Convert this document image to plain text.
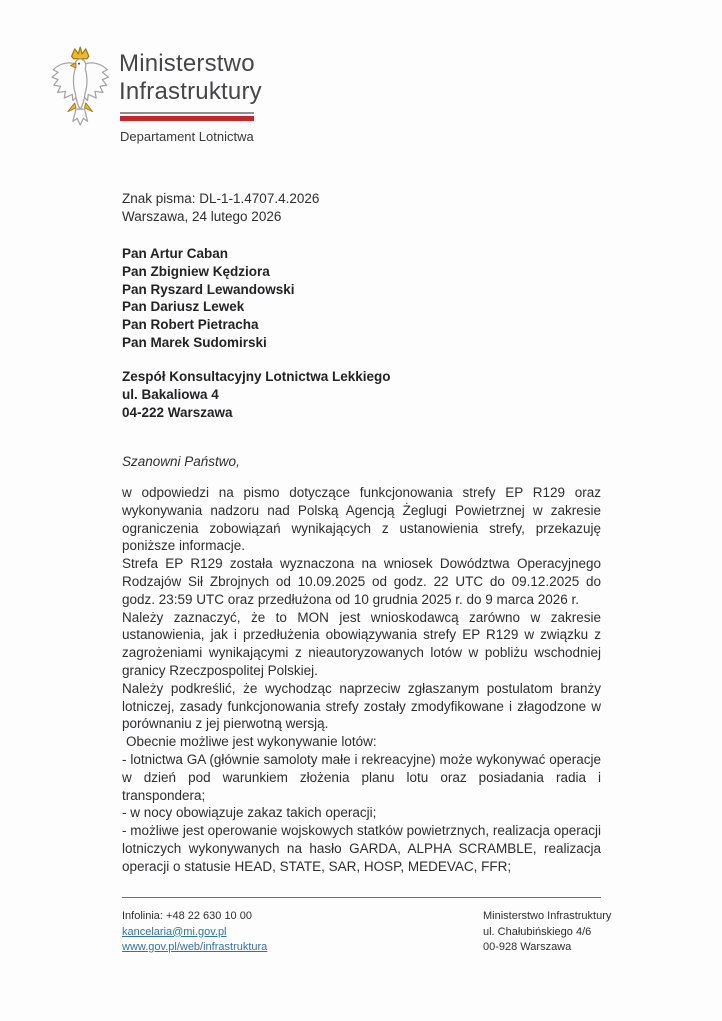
Ministerstwo
Infrastruktury
Departament Lotnictwa
Znak pisma: DL-1-1.4707.4.2026
Warszawa, 24 lutego 2026
Pan Artur Caban
Pan Zbigniew Kędziora
Pan Ryszard Lewandowski
Pan Dariusz Lewek
Pan Robert Pietracha
Pan Marek Sudomirski
Zespół Konsultacyjny Lotnictwa Lekkiego
ul. Bakaliowa 4
04-222 Warszawa
Szanowni Państwo,

w odpowiedzi na pismo dotyczące funkcjonowania strefy EP R129 oraz wykonywania nadzoru nad Polską Agencją Żeglugi Powietrznej w zakresie ograniczenia zobowiązań wynikających z ustanowienia strefy, przekazuję poniższe informacje.

Strefa EP R129 została wyznaczona na wniosek Dowództwa Operacyjnego Rodzajów Sił Zbrojnych od 10.09.2025 od godz. 22 UTC do 09.12.2025 do godz. 23:59 UTC oraz przedłużona od 10 grudnia 2025 r. do 9 marca 2026 r.

Należy zaznaczyć, że to MON jest wnioskodawcą zarówno w zakresie ustanowienia, jak i przedłużenia obowiązywania strefy EP R129 w związku z zagrożeniami wynikającymi z nieautoryzowanych lotów w pobliżu wschodniej granicy Rzeczpospolitej Polskiej.

Należy podkreślić, że wychodząc naprzeciw zgłaszanym postulatom branży lotniczej, zasady funkcjonowania strefy zostały zmodyfikowane i złagodzone w porównaniu z jej pierwotną wersją.

Obecnie możliwe jest wykonywanie lotów:

- lotnictwa GA (głównie samoloty małe i rekreacyjne) może wykonywać operacje w dzień pod warunkiem złożenia planu lotu oraz posiadania radia i transpondera;

- w nocy obowiązuje zakaz takich operacji;

- możliwe jest operowanie wojskowych statków powietrznych, realizacja operacji lotniczych wykonywanych na hasło GARDA, ALPHA SCRAMBLE, realizacja operacji o statusie HEAD, STATE, SAR, HOSP, MEDEVAC, FFR;

Infolinia: +48 22 630 10 00
kancelaria@mi.gov.pl
www.gov.pl/web/infrastruktura
Ministerstwo Infrastruktury
ul. Chałubińskiego 4/6
00-928 Warszawa
